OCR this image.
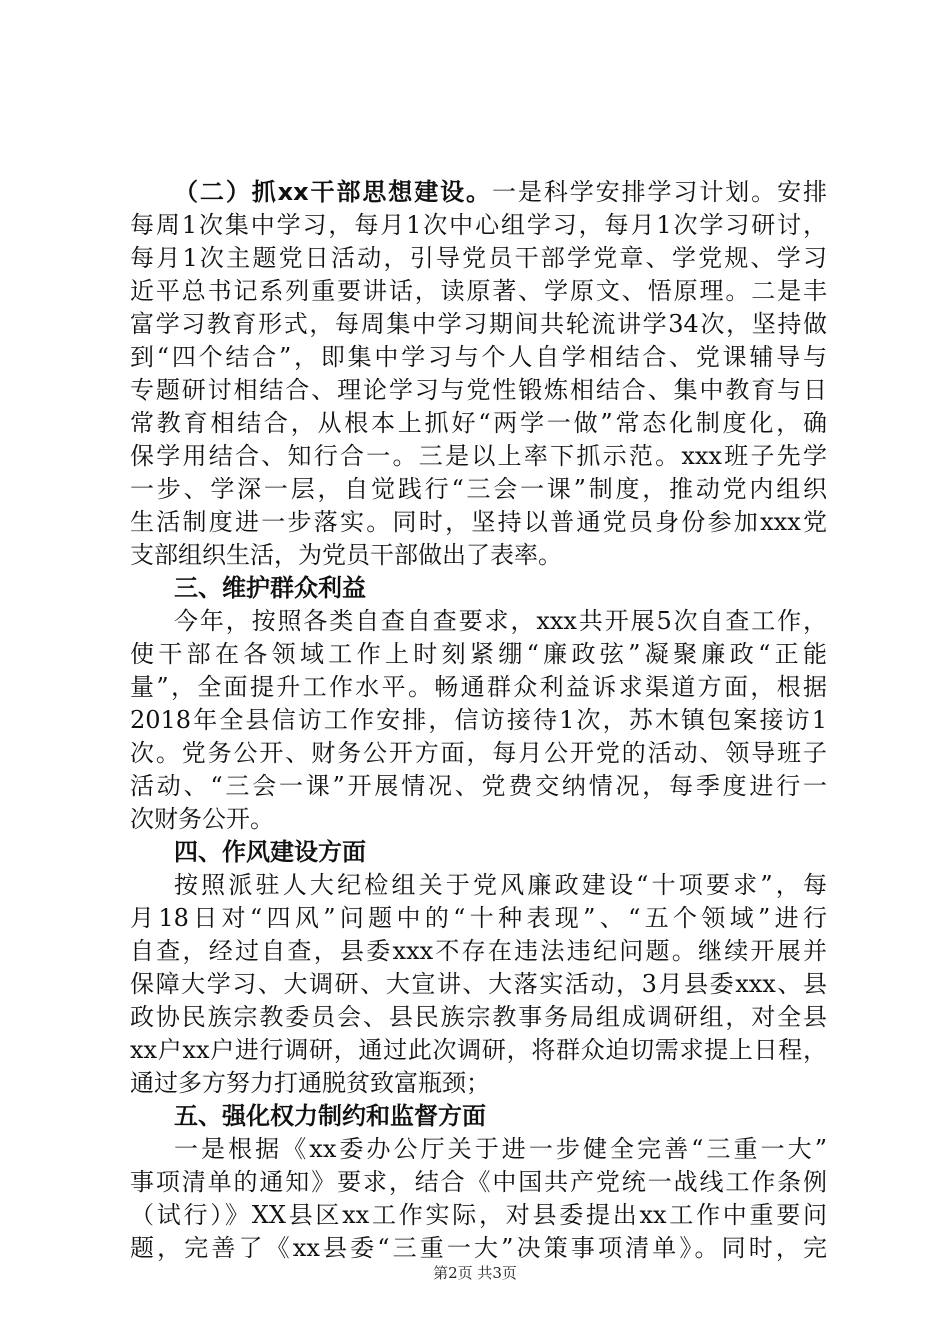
（二）抓xx干部思想建设。一是科学安排学习计划。安排
每周1次集中学习，每月1次中心组学习，每月1次学习研讨，
每月1次主题党日活动，引导党员干部学党章、学党规、学习
近平总书记系列重要讲话，读原著、学原文、悟原理。二是丰
富学习教育形式，每周集中学习期间共轮流讲学34次，坚持做
到“四个结合”，即集中学习与个人自学相结合、党课辅导与
专题研讨相结合、理论学习与党性锻炼相结合、集中教育与日
常教育相结合，从根本上抓好“两学一做”常态化制度化，确
保学用结合、知行合一。三是以上率下抓示范。xxx班子先学
一步、学深一层，自觉践行“三会一课”制度，推动党内组织
生活制度进一步落实。同时，坚持以普通党员身份参加xxx党
支部组织生活，为党员干部做出了表率。
三、维护群众利益
今年，按照各类自查自查要求，xxx共开展5次自查工作，
使干部在各领域工作上时刻紧绷“廉政弦”凝聚廉政“正能
量”，全面提升工作水平。畅通群众利益诉求渠道方面，根据
2018年全县信访工作安排，信访接待1次，苏木镇包案接访1
次。党务公开、财务公开方面，每月公开党的活动、领导班子
活动、“三会一课”开展情况、党费交纳情况，每季度进行一
次财务公开。
四、作风建设方面
按照派驻人大纪检组关于党风廉政建设“十项要求”，每
月18日对“四风”问题中的“十种表现”、“五个领域”进行
自查，经过自查，县委xxx不存在违法违纪问题。继续开展并
保障大学习、大调研、大宣讲、大落实活动，3月县委xxx、县
政协民族宗教委员会、县民族宗教事务局组成调研组，对全县
xx户xx户进行调研，通过此次调研，将群众迫切需求提上日程，
通过多方努力打通脱贫致富瓶颈；
五、强化权力制约和监督方面
一是根据《xx委办公厅关于进一步健全完善“三重一大”
事项清单的通知》要求，结合《中国共产党统一战线工作条例
（试行）》XX县区xx工作实际，对县委提出xx工作中重要问
题，完善了《xx县委“三重一大”决策事项清单》。同时，完
第2页 共3页
